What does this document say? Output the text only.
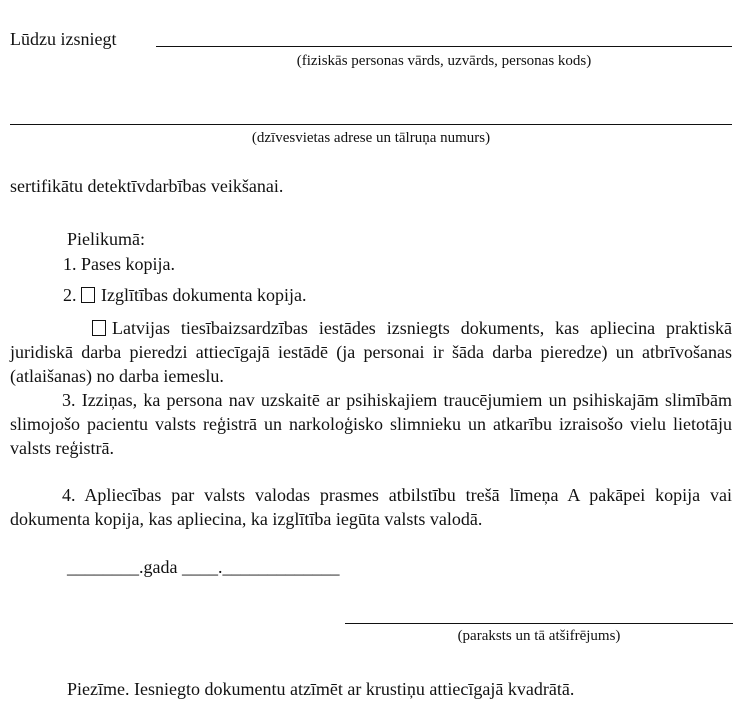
Lūdzu izsniegt
(fiziskās personas vārds, uzvārds, personas kods)
(dzīvesvietas adrese un tālruņa numurs)
sertifikātu detektīvdarbības veikšanai.
Pielikumā:
1. Pases kopija.
2. Izglītības dokumenta kopija.
Latvijas tiesībaizsardzības iestādes izsniegts dokuments, kas apliecina praktiskā juridiskā darba pieredzi attiecīgajā iestādē (ja personai ir šāda darba pieredze) un atbrīvošanas (atlaišanas) no darba iemeslu.
3. Izziņas, ka persona nav uzskaitē ar psihiskajiem traucējumiem un psihiskajām slimībām slimojošo pacientu valsts reģistrā un narkoloģisko slimnieku un atkarību izraisošo vielu lietotāju valsts reģistrā.
4. Apliecības par valsts valodas prasmes atbilstību trešā līmeņa A pakāpei kopija vai dokumenta kopija, kas apliecina, ka izglītība iegūta valsts valodā.
________.gada ____._____________
(paraksts un tā atšifrējums)
Piezīme. Iesniegto dokumentu atzīmēt ar krustiņu attiecīgajā kvadrātā.
